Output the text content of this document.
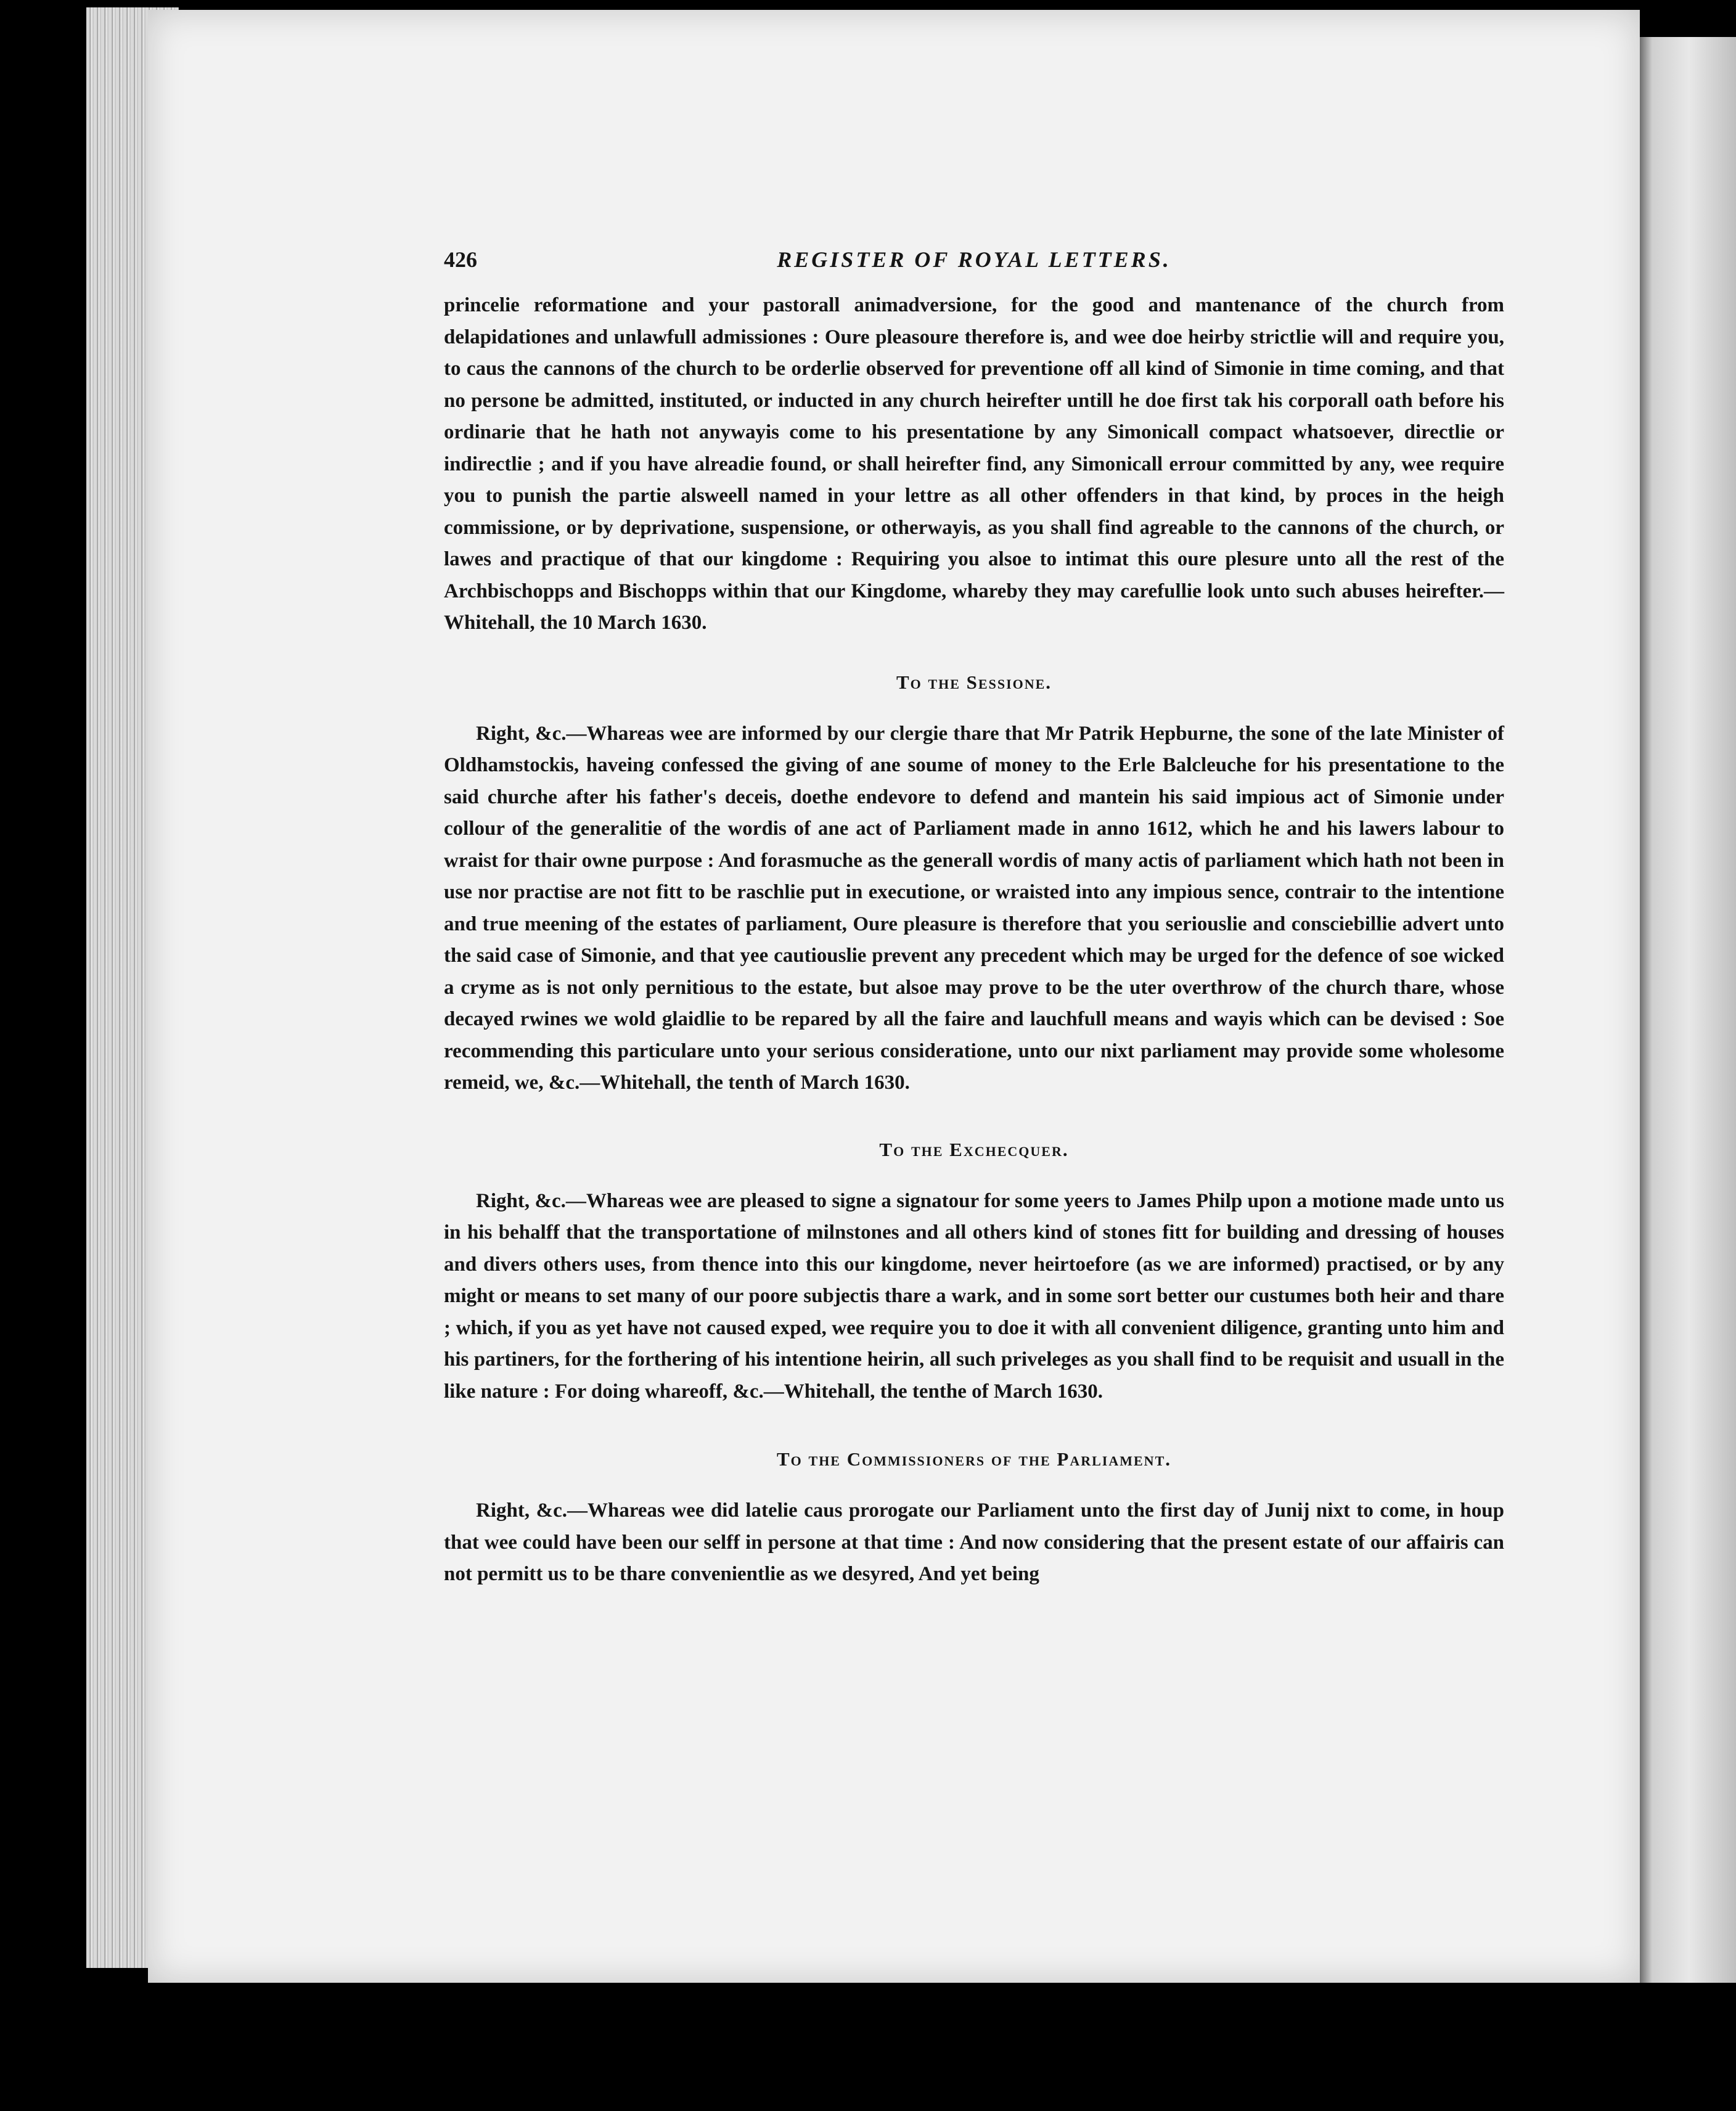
426	REGISTER OF ROYAL LETTERS.

princelie reformatione and your pastorall animadversione, for the good and mantenance of the church from delapidationes and unlawfull admissiones : Oure pleasoure therefore is, and wee doe heirby strictlie will and require you, to caus the cannons of the church to be orderlie observed for preventione off all kind of Simonie in time coming, and that no persone be admitted, instituted, or inducted in any church heirefter untill he doe first tak his corporall oath before his ordinarie that he hath not anywayis come to his presentatione by any Simonicall compact whatsoever, directlie or indirectlie ; and if you have alreadie found, or shall heirefter find, any Simonicall errour committed by any, wee require you to punish the partie alsweell named in your lettre as all other offenders in that kind, by proces in the heigh commissione, or by deprivatione, suspensione, or otherwayis, as you shall find agreable to the cannons of the church, or lawes and practique of that our kingdome : Requiring you alsoe to intimat this oure plesure unto all the rest of the Archbischopps and Bischopps within that our Kingdome, whareby they may carefullie look unto such abuses heirefter.—Whitehall, the 10 March 1630.

To the Sessione.

Right, &c.—Whareas wee are informed by our clergie thare that Mr Patrik Hepburne, the sone of the late Minister of Oldhamstockis, haveing confessed the giving of ane soume of money to the Erle Balcleuche for his presentatione to the said churche after his father's deceis, doethe endevore to defend and mantein his said impious act of Simonie under collour of the generalitie of the wordis of ane act of Parliament made in anno 1612, which he and his lawers labour to wraist for thair owne purpose : And forasmuche as the generall wordis of many actis of parliament which hath not been in use nor practise are not fitt to be raschlie put in executione, or wraisted into any impious sence, contrair to the intentione and true meening of the estates of parliament, Oure pleasure is therefore that you seriouslie and consciebillie advert unto the said case of Simonie, and that yee cautiouslie prevent any precedent which may be urged for the defence of soe wicked a cryme as is not only pernitious to the estate, but alsoe may prove to be the uter overthrow of the church thare, whose decayed rwines we wold glaidlie to be repared by all the faire and lauchfull means and wayis which can be devised : Soe recommending this particulare unto your serious consideratione, unto our nixt parliament may provide some wholesome remeid, we, &c.—Whitehall, the tenth of March 1630.

To the Exchecquer.

Right, &c.—Whareas wee are pleased to signe a signatour for some yeers to James Philp upon a motione made unto us in his behalff that the transportatione of milnstones and all others kind of stones fitt for building and dressing of houses and divers others uses, from thence into this our kingdome, never heirtoefore (as we are informed) practised, or by any might or means to set many of our poore subjectis thare a wark, and in some sort better our custumes both heir and thare ; which, if you as yet have not caused exped, wee require you to doe it with all convenient diligence, granting unto him and his partiners, for the forthering of his intentione heirin, all such priveleges as you shall find to be requisit and usuall in the like nature : For doing whareoff, &c.—Whitehall, the tenthe of March 1630.

To the Commissioners of the Parliament.

Right, &c.—Whareas wee did latelie caus prorogate our Parliament unto the first day of Junij nixt to come, in houp that wee could have been our selff in persone at that time : And now considering that the present estate of our affairis can not permitt us to be thare convenientlie as we desyred, And yet being
